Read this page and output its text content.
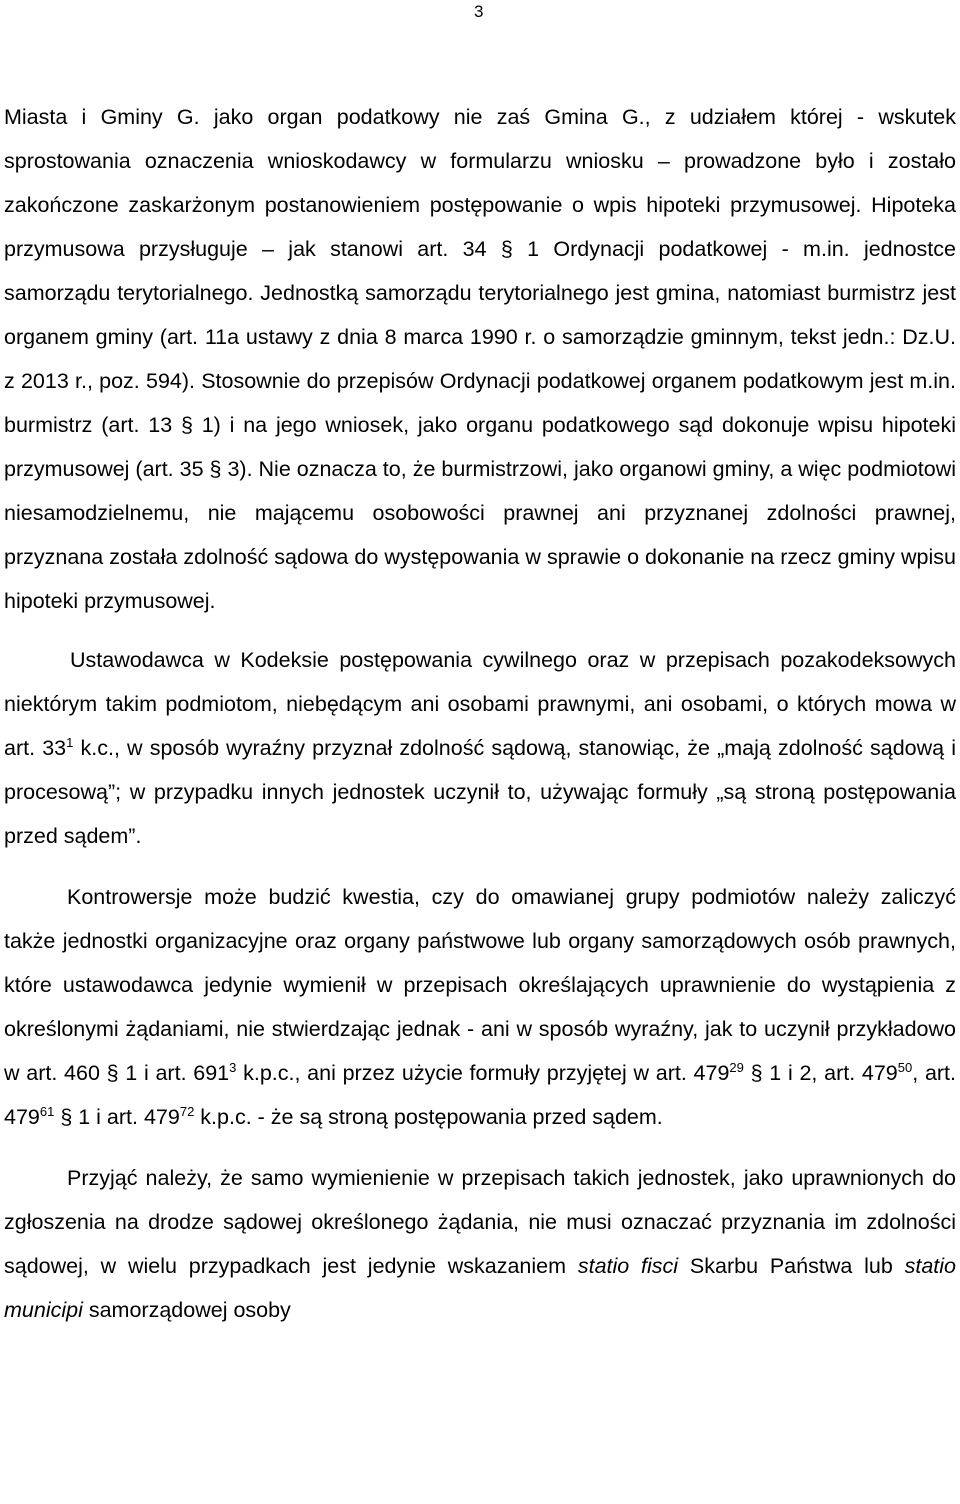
3

Miasta i Gminy G. jako organ podatkowy nie zaś Gmina G., z udziałem której - wskutek sprostowania oznaczenia wnioskodawcy w formularzu wniosku – prowadzone było i zostało zakończone zaskarżonym postanowieniem postępowanie o wpis hipoteki przymusowej. Hipoteka przymusowa przysługuje – jak stanowi art. 34 § 1 Ordynacji podatkowej - m.in. jednostce samorządu terytorialnego. Jednostką samorządu terytorialnego jest gmina, natomiast burmistrz jest organem gminy (art. 11a ustawy z dnia 8 marca 1990 r. o samorządzie gminnym, tekst jedn.: Dz.U. z 2013 r., poz. 594). Stosownie do przepisów Ordynacji podatkowej organem podatkowym jest m.in. burmistrz (art. 13 § 1) i na jego wniosek, jako organu podatkowego sąd dokonuje wpisu hipoteki przymusowej (art. 35 § 3). Nie oznacza to, że burmistrzowi, jako organowi gminy, a więc podmiotowi niesamodzielnemu, nie mającemu osobowości prawnej ani przyznanej zdolności prawnej, przyznana została zdolność sądowa do występowania w sprawie o dokonanie na rzecz gminy wpisu hipoteki przymusowej.

Ustawodawca w Kodeksie postępowania cywilnego oraz w przepisach pozakodeksowych niektórym takim podmiotom, niebędącym ani osobami prawnymi, ani osobami, o których mowa w art. $33^1$ k.c., w sposób wyraźny przyznał zdolność sądową, stanowiąc, że „mają zdolność sądową i procesową”; w przypadku innych jednostek uczynił to, używając formuły „są stroną postępowania przed sądem”.

Kontrowersje może budzić kwestia, czy do omawianej grupy podmiotów należy zaliczyć także jednostki organizacyjne oraz organy państwowe lub organy samorządowych osób prawnych, które ustawodawca jedynie wymienił w przepisach określających uprawnienie do wystąpienia z określonymi żądaniami, nie stwierdzając jednak - ani w sposób wyraźny, jak to uczynił przykładowo w art. 460 § 1 i art. $691^3$ k.p.c., ani przez użycie formuły przyjętej w art. $479^{29}$ § 1 i 2, art. $479^{50}$, art. $479^{61}$ § 1 i art. $479^{72}$ k.p.c. - że są stroną postępowania przed sądem.

Przyjąć należy, że samo wymienienie w przepisach takich jednostek, jako uprawnionych do zgłoszenia na drodze sądowej określonego żądania, nie musi oznaczać przyznania im zdolności sądowej, w wielu przypadkach jest jedynie wskazaniem statio fisci Skarbu Państwa lub statio municipi samorządowej osoby
